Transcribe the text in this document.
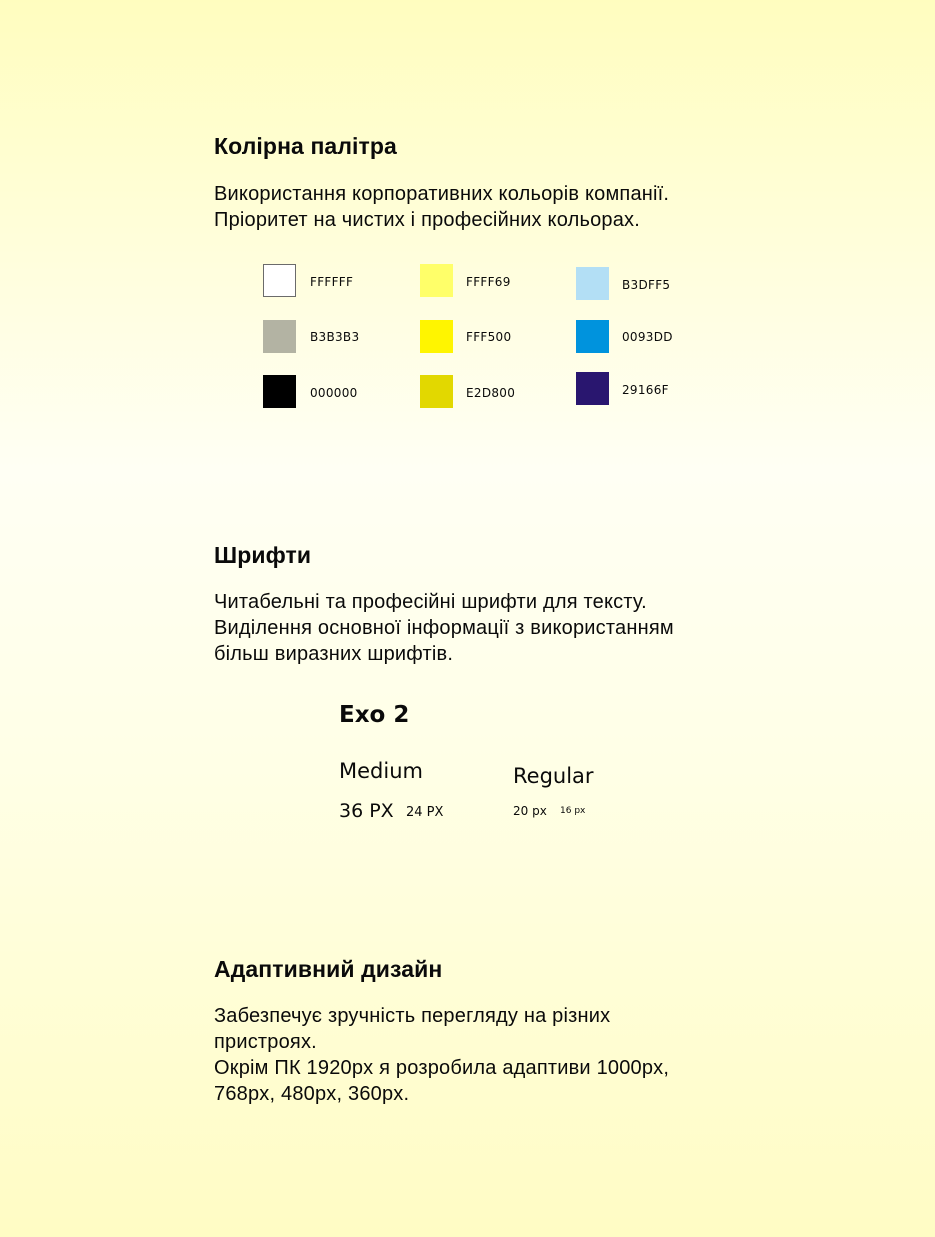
Колірна палітра
Використання корпоративних кольорів компанії.
Пріоритет на чистих і професійних кольорах.
FFFFFF
B3B3B3
000000
FFFF69
FFF500
E2D800
B3DFF5
0093DD
29166F
Шрифти
Читабельні та професійні шрифти для тексту.
Виділення основної інформації з використанням
більш виразних шрифтів.
Exo 2
Medium
36 PX 24 PX
Regular
20 px 16 px
Адаптивний дизайн
Забезпечує зручність перегляду на різних
пристроях.
Окрім ПК 1920px я розробила адаптиви 1000px,
768px, 480px, 360px.
